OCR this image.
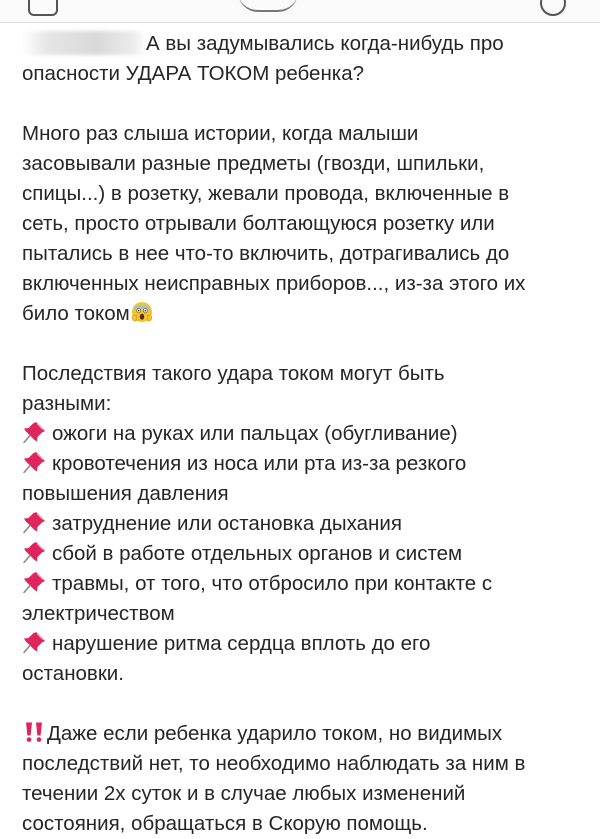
А вы задумывались когда-нибудь про
опасности УДАРА ТОКОМ ребенка?
Много раз слыша истории, когда малыши
засовывали разные предметы (гвозди, шпильки,
спицы...) в розетку, жевали провода, включенные в
сеть, просто отрывали болтающуюся розетку или
пытались в нее что-то включить, дотрагивались до
включенных неисправных приборов..., из-за этого их
било током
Последствия такого удара током могут быть
разными:
ожоги на руках или пальцах (обугливание)
кровотечения из носа или рта из-за резкого
повышения давления
затруднение или остановка дыхания
сбой в работе отдельных органов и систем
травмы, от того, что отбросило при контакте с
электричеством
нарушение ритма сердца вплоть до его
остановки.
Даже если ребенка ударило током, но видимых
последствий нет, то необходимо наблюдать за ним в
течении 2х суток и в случае любых изменений
состояния, обращаться в Скорую помощь.
